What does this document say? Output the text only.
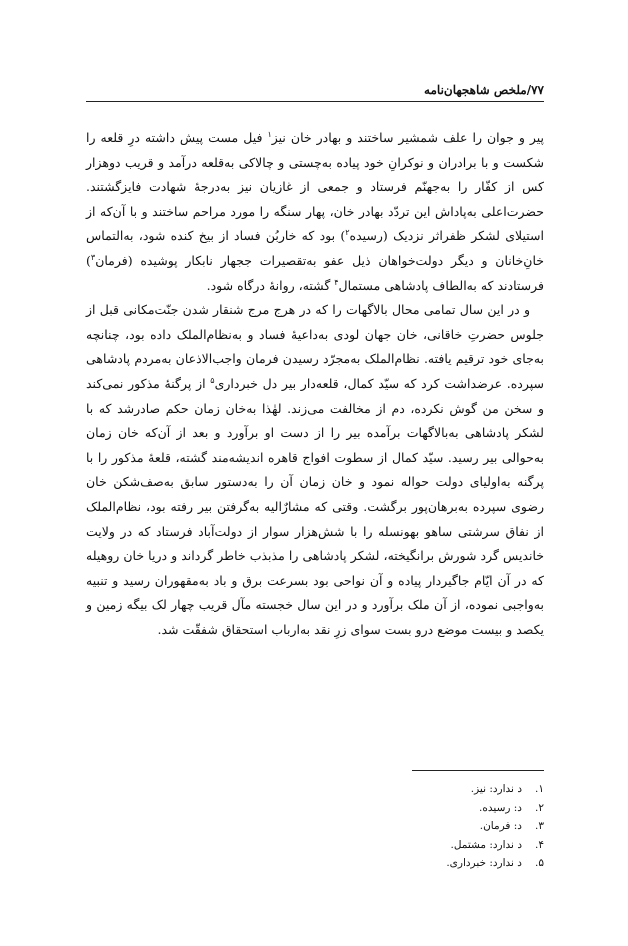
۷۷/ملخص شاهجهان‌نامه

پیر و جوان را علف شمشیر ساختند و بهادر خان نیز$^۱$ فیل مست پیش داشته درِ قلعه را شکست و با برادران و نوکرانِ خود پیاده به‌چستی و چالاکی به‌قلعه درآمد و قریب دوهزار کس از کفّار را به‌جهنّم فرستاد و جمعی از غازیان نیز به‌درجهٔ شهادت فایزگشتند. حضرت‌اعلی به‌پاداش این تردّد بهادر خان، پهار سنگه را مورد مراحم ساختند و با آن‌که از استیلای لشکر ظفراثر نزدیک (رسیده$^۲$) بود که خاربُن فساد از بیخ کنده شود، به‌التماس خانِ‌خانان و دیگر دولت‌خواهان ذیل عفو به‌تقصیرات ججهار نابکار پوشیده (فرمان$^۳$) فرستادند که به‌الطاف پادشاهی مستمال$^۴$ گشته، روانهٔ درگاه شود.

و در این سال تمامی محال بالاگهات را که در هرج مرج شنقار شدن جنّت‌مکانی قبل از جلوس حضرتِ خاقانی، خان جهان لودی به‌داعیهٔ فساد و به‌نظام‌الملک داده بود، چنانچه به‌جای خود ترقیم یافته. نظام‌الملک به‌مجرّد رسیدن فرمان واجب‌الاذعان به‌مردم پادشاهی سپرده. عرضداشت کرد که سیّد کمال، قلعه‌دار بیر دل خبرداری$^۵$ از پرگنهٔ مذکور نمی‌کند و سخن من گوش نکرده، دم از مخالفت می‌زند. لهٰذا به‌خان زمان حکم صادرشد که با لشکر پادشاهی به‌بالاگهات برآمده بیر را از دست او برآورد و بعد از آن‌که خان زمان به‌حوالی بیر رسید. سیّد کمال از سطوت افواج قاهره اندیشه‌مند گشته، قلعهٔ مذکور را با پرگنه به‌اولیای دولت حواله نمود و خان زمان آن را به‌دستور سابق به‌صف‌شکن خان رضوی سپرده به‌برهان‌پور برگشت. وقتی که مشارٌالیه به‌گرفتن بیر رفته بود، نظام‌الملک از نفاق سرشتی ساهو بهونسله را با شش‌هزار سوار از دولت‌آباد فرستاد که در ولایت خاندیس گرد شورش برانگیخته، لشکر پادشاهی را مذبذب خاطر گرداند و دریا خان روهیله که در آن ایّام جاگیردار پیاده و آن نواحی بود بسرعت برق و باد به‌مقهوران رسید و تنبیه به‌واجبی نموده، از آن ملک برآورد و در این سال خجسته مآل قریب چهار لک بیگه زمین و یکصد و بیست موضع درو بست سوای زرِ نقد به‌ارباب استحقاق شفقّت شد.

۱.د ندارد: نیز.
۲.د: رسیده.
۳.د: فرمان.
۴.د ندارد: مشتمل.
۵.د ندارد: خبرداری.
